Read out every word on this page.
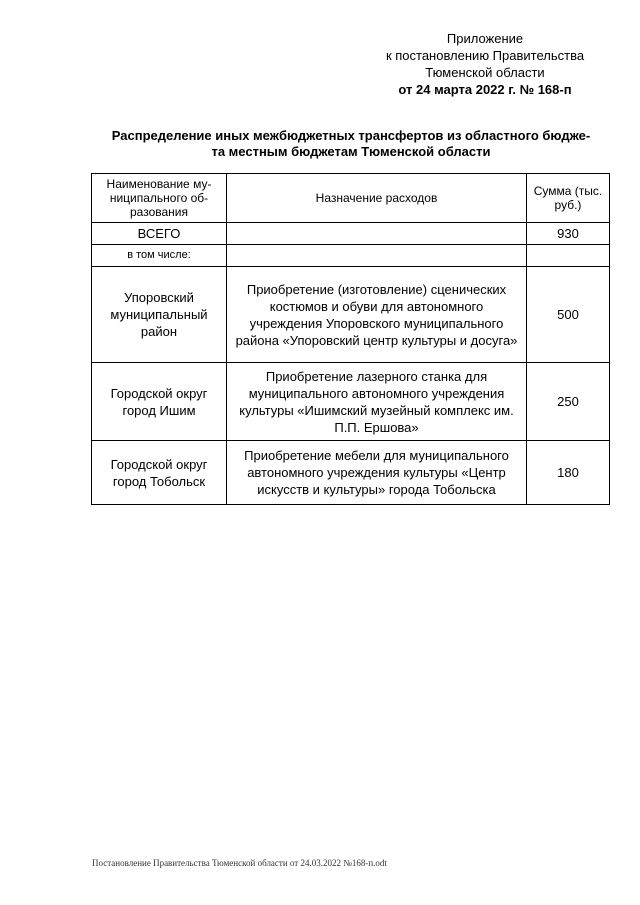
Приложение
к постановлению Правительства
Тюменской области
от 24 марта 2022 г. № 168-п
Распределение иных межбюджетных трансфертов из областного бюдже-
та местным бюджетам Тюменской области
Наименование му-ниципального об-разования	Назначение расходов	Сумма (тыс. руб.)
ВСЕГО		930
в том числе:		
Упоровский муниципальный район	Приобретение (изготовление) сценических костюмов и обуви для автономного учреждения Упоровского муниципального района «Упоровский центр культуры и досуга»	500
Городской округ город Ишим	Приобретение лазерного станка для муниципального автономного учреждения культуры «Ишимский музейный комплекс им. П.П. Ершова»	250
Городской округ город Тобольск	Приобретение мебели для муниципального автономного учреждения культуры «Центр искусств и культуры» города Тобольска	180
Постановление Правительства Тюменской области от 24.03.2022 №168-п.odt
